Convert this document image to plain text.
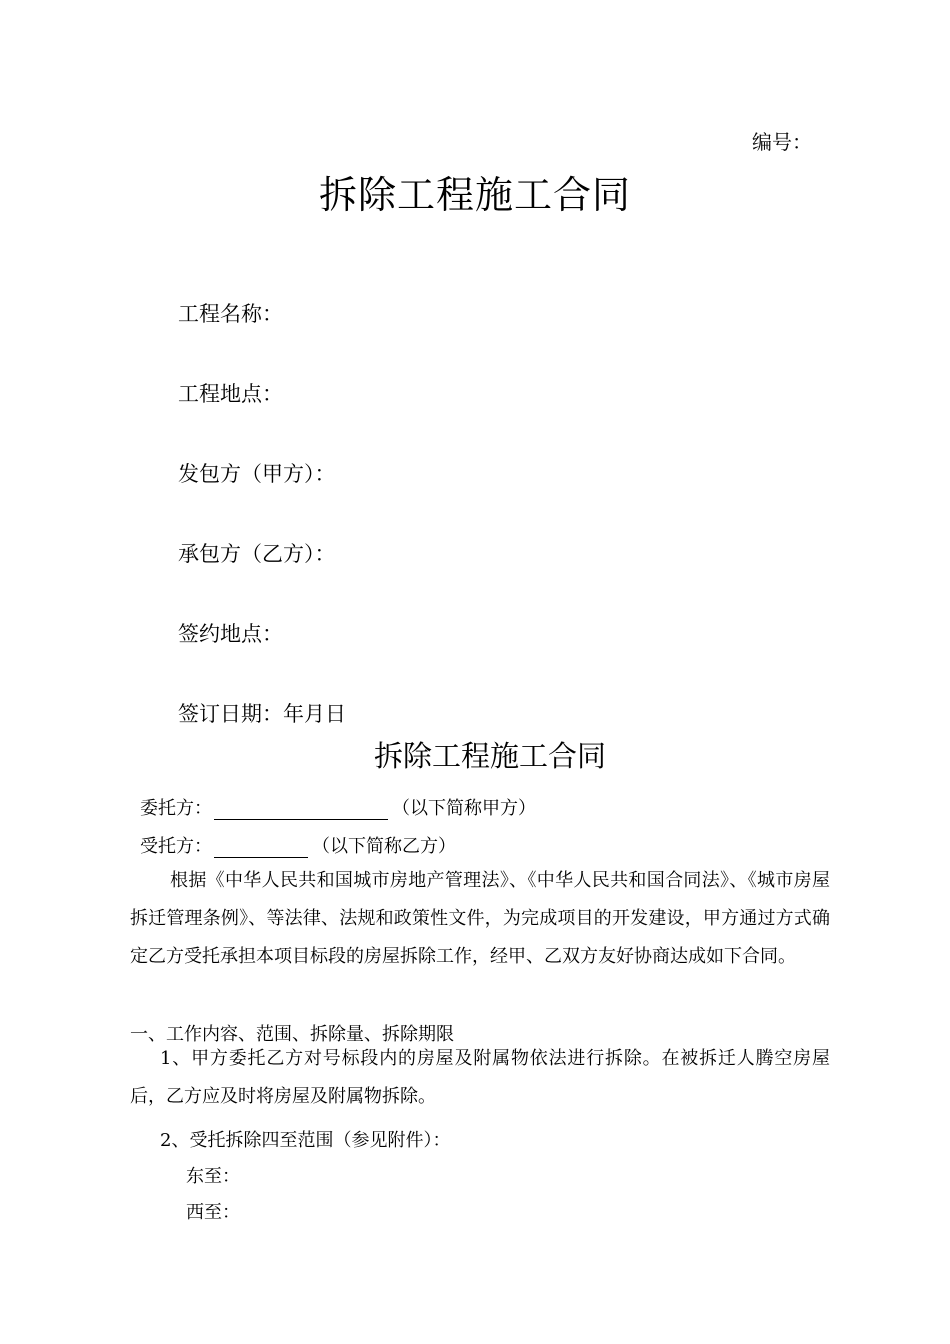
编号：
拆除工程施工合同
工程名称：
工程地点：
发包方（甲方）：
承包方（乙方）：
签约地点：
签订日期：年月日
拆除工程施工合同
委托方：	（以下简称甲方）
受托方：	（以下简称乙方）
根据《中华人民共和国城市房地产管理法》、《中华人民共和国合同法》、《城市房屋拆迁管理条例》、等法律、法规和政策性文件，为完成项目的开发建设，甲方通过方式确定乙方受托承担本项目标段的房屋拆除工作，经甲、乙双方友好协商达成如下合同。
一、工作内容、范围、拆除量、拆除期限
1、甲方委托乙方对号标段内的房屋及附属物依法进行拆除。在被拆迁人腾空房屋后，乙方应及时将房屋及附属物拆除。
2、受托拆除四至范围（参见附件）：
东至：
西至：
